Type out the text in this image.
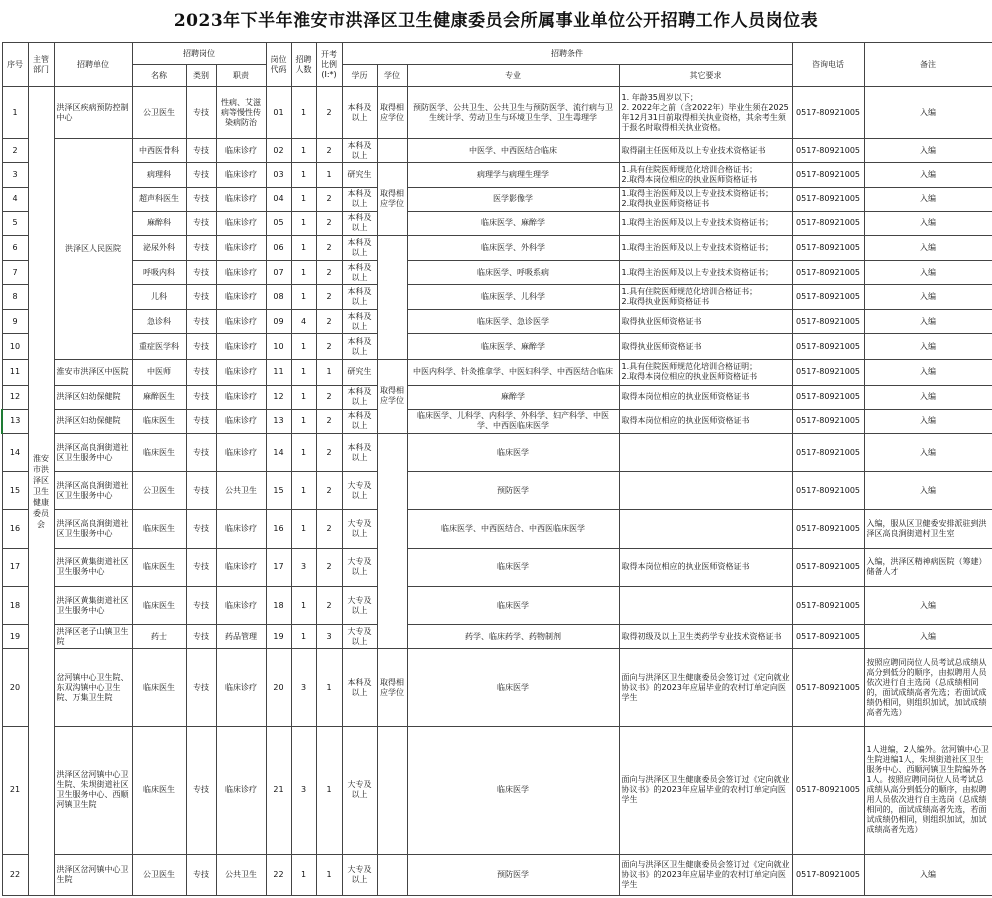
2023年下半年淮安市洪泽区卫生健康委员会所属事业单位公开招聘工作人员岗位表
序号	主管部门	招聘单位	招聘岗位			岗位代码	招聘人数	开考比例(I:*)	招聘条件				咨询电话	备注
			名称	类别	职责				学历	学位	专业	其它要求		
1	淮安市洪泽区卫生健康委员会	洪泽区疾病预防控制中心	公卫医生	专技	性病、艾滋病等慢性传染病防治	01	1	2	本科及以上	取得相应学位	预防医学、公共卫生、公共卫生与预防医学、流行病与卫生统计学、劳动卫生与环境卫生学、卫生毒理学	1. 年龄35周岁以下；
2. 2022年之前（含2022年）毕业生须在2025年12月31日前取得相关执业资格，其余考生须于报名时取得相关执业资格。	0517-80921005	入编
2		洪泽区人民医院	中西医骨科	专技	临床诊疗	02	1	2	本科及以上		中医学、中西医结合临床	取得副主任医师及以上专业技术资格证书	0517-80921005	入编
3			病理科	专技	临床诊疗	03	1	1	研究生	取得相应学位	病理学与病理生理学	1.具有住院医师规范化培训合格证书；
2.取得本岗位相应的执业医师资格证书	0517-80921005	入编
4			超声科医生	专技	临床诊疗	04	1	2	本科及以上		医学影像学	1.取得主治医师及以上专业技术资格证书；
2.取得执业医师资格证书	0517-80921005	入编
5			麻醉科	专技	临床诊疗	05	1	2	本科及以上		临床医学、麻醉学	1.取得主治医师及以上专业技术资格证书；	0517-80921005	入编
6			泌尿外科	专技	临床诊疗	06	1	2	本科及以上		临床医学、外科学	1.取得主治医师及以上专业技术资格证书；	0517-80921005	入编
7			呼吸内科	专技	临床诊疗	07	1	2	本科及以上		临床医学、呼吸系病	1.取得主治医师及以上专业技术资格证书；	0517-80921005	入编
8			儿科	专技	临床诊疗	08	1	2	本科及以上		临床医学、儿科学	1.具有住院医师规范化培训合格证书；
2.取得执业医师资格证书	0517-80921005	入编
9			急诊科	专技	临床诊疗	09	4	2	本科及以上		临床医学、急诊医学	取得执业医师资格证书	0517-80921005	入编
10			重症医学科	专技	临床诊疗	10	1	2	本科及以上		临床医学、麻醉学	取得执业医师资格证书	0517-80921005	入编
11		淮安市洪泽区中医院	中医师	专技	临床诊疗	11	1	1	研究生	取得相应学位	中医内科学、针灸推拿学、中医妇科学、中西医结合临床	1.具有住院医师规范化培训合格证明；
2.取得本岗位相应的执业医师资格证书	0517-80921005	入编
12		洪泽区妇幼保健院	麻醉医生	专技	临床诊疗	12	1	2	本科及以上		麻醉学	取得本岗位相应的执业医师资格证书	0517-80921005	入编
13		洪泽区妇幼保健院	临床医生	专技	临床诊疗	13	1	2	本科及以上		临床医学、儿科学、内科学、外科学、妇产科学、中医学、中西医临床医学	取得本岗位相应的执业医师资格证书	0517-80921005	入编
14		洪泽区高良涧街道社区卫生服务中心	临床医生	专技	临床诊疗	14	1	2	本科及以上		临床医学		0517-80921005	入编
15		洪泽区高良涧街道社区卫生服务中心	公卫医生	专技	公共卫生	15	1	2	大专及以上		预防医学		0517-80921005	入编
16		洪泽区高良涧街道社区卫生服务中心	临床医生	专技	临床诊疗	16	1	2	大专及以上		临床医学、中西医结合、中西医临床医学		0517-80921005	入编，服从区卫健委安排派驻到洪泽区高良涧街道村卫生室
17		洪泽区黄集街道社区卫生服务中心	临床医生	专技	临床诊疗	17	3	2	大专及以上		临床医学	取得本岗位相应的执业医师资格证书	0517-80921005	入编，洪泽区精神病医院（筹建）储备人才
18		洪泽区黄集街道社区卫生服务中心	临床医生	专技	临床诊疗	18	1	2	大专及以上		临床医学		0517-80921005	入编
19		洪泽区老子山镇卫生院	药士	专技	药品管理	19	1	3	大专及以上		药学、临床药学、药物制剂	取得初级及以上卫生类药学专业技术资格证书	0517-80921005	入编
20		岔河镇中心卫生院、东双沟镇中心卫生院、万集卫生院	临床医生	专技	临床诊疗	20	3	1	本科及以上	取得相应学位	临床医学	面向与洪泽区卫生健康委员会签订过《定向就业协议书》的2023年应届毕业的农村订单定向医学生	0517-80921005	按照应聘同岗位人员考试总成绩从高分到低分的顺序，由拟聘用人员依次进行自主选岗（总成绩相同的，面试成绩高者先选；若面试成绩仍相同，则组织加试，加试成绩高者先选）
21		洪泽区岔河镇中心卫生院、朱坝街道社区卫生服务中心、西顺河镇卫生院	临床医生	专技	临床诊疗	21	3	1	大专及以上		临床医学	面向与洪泽区卫生健康委员会签订过《定向就业协议书》的2023年应届毕业的农村订单定向医学生	0517-80921005	1人进编，2人编外。岔河镇中心卫生院进编1人，朱坝街道社区卫生服务中心、西顺河镇卫生院编外各1人。按照应聘同岗位人员考试总成绩从高分到低分的顺序，由拟聘用人员依次进行自主选岗（总成绩相同的，面试成绩高者先选，若面试成绩仍相同，则组织加试，加试成绩高者先选）
22		洪泽区岔河镇中心卫生院	公卫医生	专技	公共卫生	22	1	1	大专及以上		预防医学	面向与洪泽区卫生健康委员会签订过《定向就业协议书》的2023年应届毕业的农村订单定向医学生	0517-80921005	入编
